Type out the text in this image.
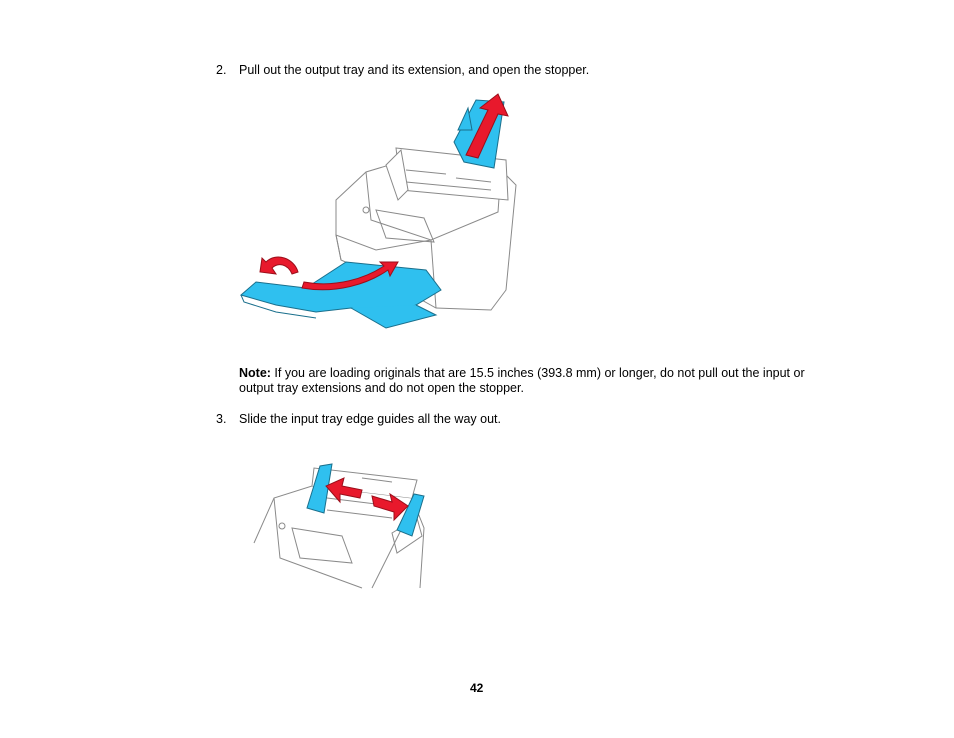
2. Pull out the output tray and its extension, and open the stopper.
Note: If you are loading originals that are 15.5 inches (393.8 mm) or longer, do not pull out the input or output tray extensions and do not open the stopper.
3. Slide the input tray edge guides all the way out.
42
